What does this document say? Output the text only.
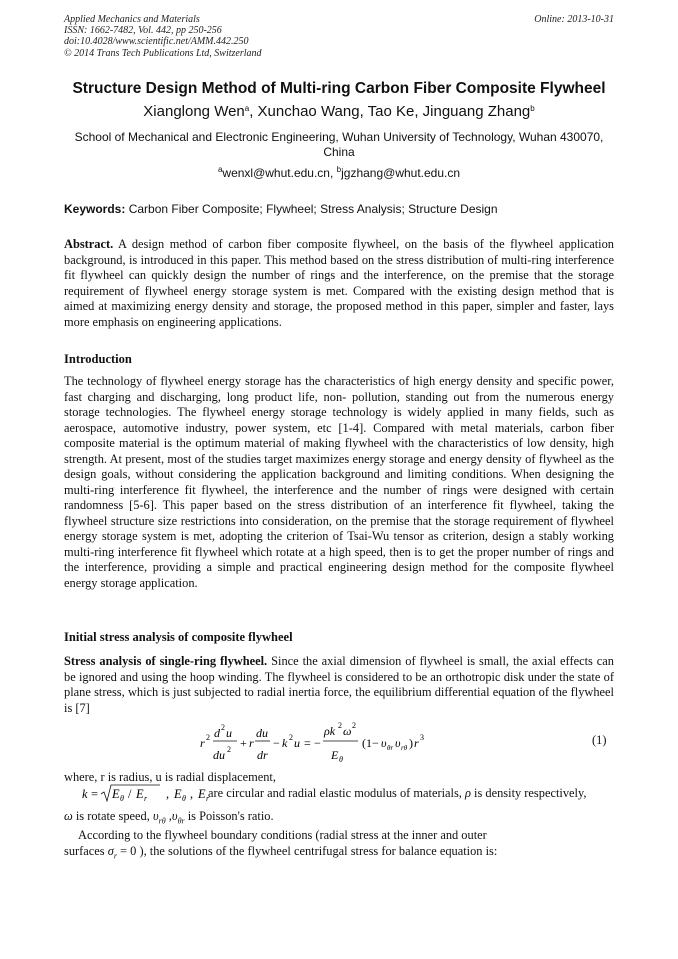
Applied Mechanics and Materials
ISSN: 1662-7482, Vol. 442, pp 250-256
doi:10.4028/www.scientific.net/AMM.442.250
© 2014 Trans Tech Publications Ltd, Switzerland
Online: 2013-10-31
Structure Design Method of Multi-ring Carbon Fiber Composite Flywheel
Xianglong Wen$^a$, Xunchao Wang, Tao Ke, Jinguang Zhang$^b$
School of Mechanical and Electronic Engineering, Wuhan University of Technology, Wuhan 430070, China
$^a$wenxl@whut.edu.cn, $^b$jgzhang@whut.edu.cn
Keywords: Carbon Fiber Composite; Flywheel; Stress Analysis; Structure Design
Abstract. A design method of carbon fiber composite flywheel, on the basis of the flywheel application background, is introduced in this paper. This method based on the stress distribution of multi-ring interference fit flywheel can quickly design the number of rings and the interference, on the premise that the storage requirement of flywheel energy storage system is met. Compared with the existing design method that is aimed at maximizing energy density and storage, the proposed method in this paper, simpler and faster, lays more emphasis on engineering applications.
Introduction
The technology of flywheel energy storage has the characteristics of high energy density and specific power, fast charging and discharging, long product life, non- pollution, standing out from the numerous energy storage technologies. The flywheel energy storage technology is widely applied in many fields, such as aerospace, automotive industry, power system, etc [1-4]. Compared with metal materials, carbon fiber composite material is the optimum material of making flywheel with the characteristics of low density, high strength. At present, most of the studies target maximizes energy storage and energy density of flywheel as the design goals, without considering the application background and limiting conditions. When designing the multi-ring interference fit flywheel, the interference and the number of rings were designed with certain randomness [5-6]. This paper based on the stress distribution of an interference fit flywheel, taking the flywheel structure size restrictions into consideration, on the premise that the storage requirement of flywheel energy storage system is met, adopting the criterion of Tsai-Wu tensor as criterion, design a stably working multi-ring interference fit flywheel which rotate at a high speed, then is to get the proper number of rings and the interference, providing a simple and practical engineering design method for the composite flywheel energy storage application.
Initial stress analysis of composite flywheel
Stress analysis of single-ring flywheel. Since the axial dimension of flywheel is small, the axial effects can be ignored and using the hoop winding. The flywheel is considered to be an orthotropic disk under the state of plane stress, which is just subjected to radial inertia force, the equilibrium differential equation of the flywheel is [7]
r 2 d 2 u
du 2 + r
du
dr
− k 2 u = −
ρk 2 ω 2
E θ
(1− υ θr υ rθ ) r 3	(1)
where, r is radius, u is radial displacement,
k = E θ / E r , E θ , E r
are circular and radial elastic modulus of materials, ρ is density respectively,
ω is rotate speed, $\upsilon_{r\theta}$ $,\upsilon_{\theta r}$ is Poisson's ratio.
According to the flywheel boundary conditions (radial stress at the inner and outer
surfaces $\sigma_r = 0$ ), the solutions of the flywheel centrifugal stress for balance equation is:
